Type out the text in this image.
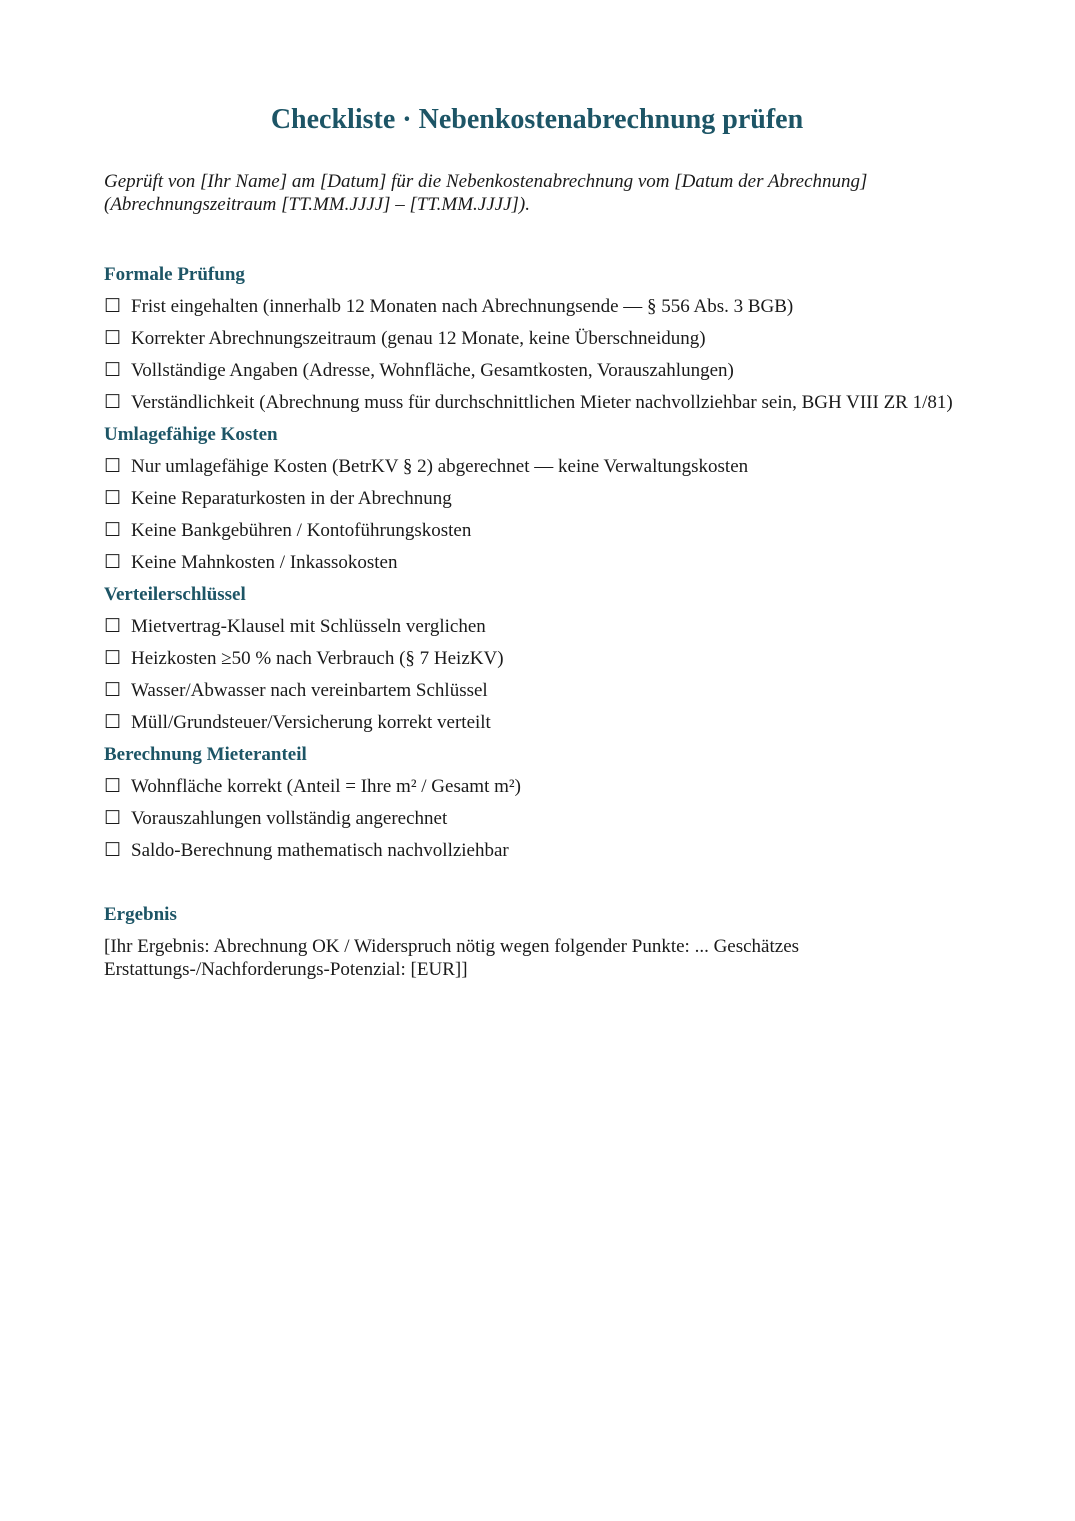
Checkliste · Nebenkostenabrechnung prüfen

Geprüft von [Ihr Name] am [Datum] für die Nebenkostenabrechnung vom [Datum der Abrechnung] (Abrechnungszeitraum [TT.MM.JJJJ] – [TT.MM.JJJJ]).

Formale Prüfung
☐ Frist eingehalten (innerhalb 12 Monaten nach Abrechnungsende — § 556 Abs. 3 BGB)
☐ Korrekter Abrechnungszeitraum (genau 12 Monate, keine Überschneidung)
☐ Vollständige Angaben (Adresse, Wohnfläche, Gesamtkosten, Vorauszahlungen)
☐ Verständlichkeit (Abrechnung muss für durchschnittlichen Mieter nachvollziehbar sein, BGH VIII ZR 1/81)
Umlagefähige Kosten
☐ Nur umlagefähige Kosten (BetrKV § 2) abgerechnet — keine Verwaltungskosten
☐ Keine Reparaturkosten in der Abrechnung
☐ Keine Bankgebühren / Kontoführungskosten
☐ Keine Mahnkosten / Inkassokosten
Verteilerschlüssel
☐ Mietvertrag-Klausel mit Schlüsseln verglichen
☐ Heizkosten ≥50 % nach Verbrauch (§ 7 HeizKV)
☐ Wasser/Abwasser nach vereinbartem Schlüssel
☐ Müll/Grundsteuer/Versicherung korrekt verteilt
Berechnung Mieteranteil
☐ Wohnfläche korrekt (Anteil = Ihre m² / Gesamt m²)
☐ Vorauszahlungen vollständig angerechnet
☐ Saldo-Berechnung mathematisch nachvollziehbar
Ergebnis

[Ihr Ergebnis: Abrechnung OK / Widerspruch nötig wegen folgender Punkte: ... Geschätzes Erstattungs-/Nachforderungs-Potenzial: [EUR]]
